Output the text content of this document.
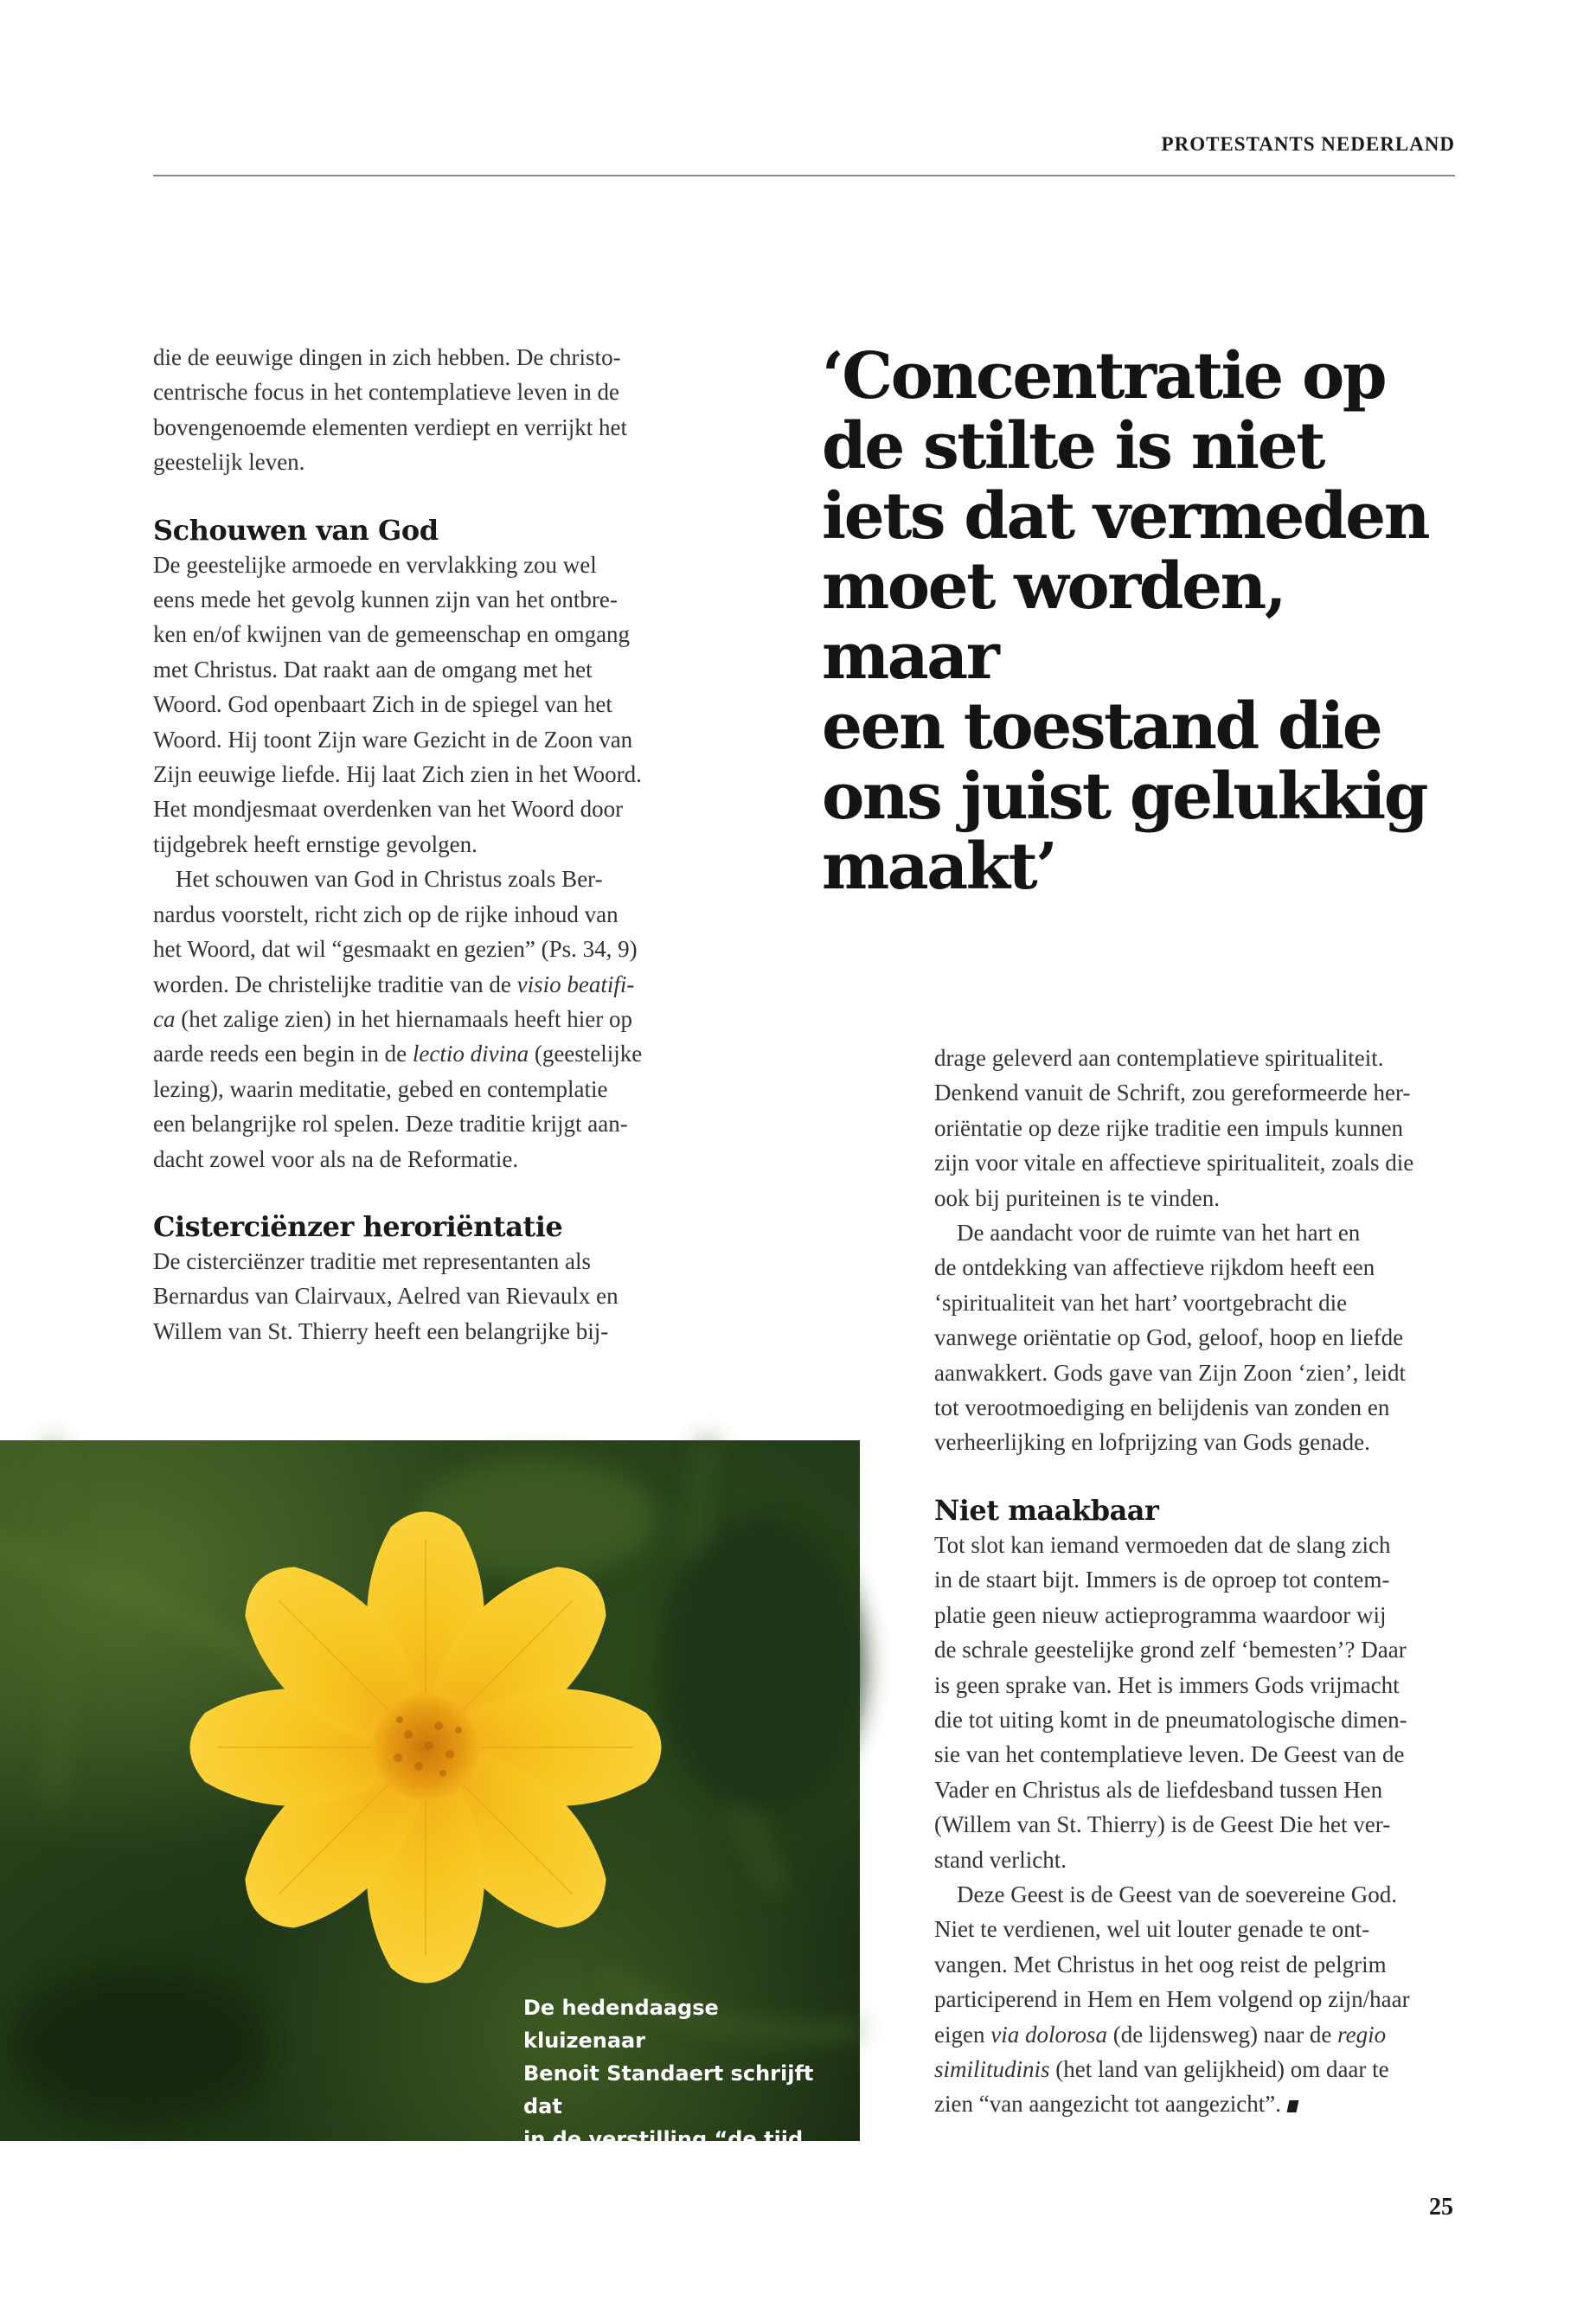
PROTESTANTS NEDERLAND

die de eeuwige dingen in zich hebben. De christo-
centrische focus in het contemplatieve leven in de
bovengenoemde elementen verdiept en verrijkt het
geestelijk leven.

Schouwen van God

De geestelijke armoede en vervlakking zou wel
eens mede het gevolg kunnen zijn van het ontbre-
ken en/of kwijnen van de gemeenschap en omgang
met Christus. Dat raakt aan de omgang met het
Woord. God openbaart Zich in de spiegel van het
Woord. Hij toont Zijn ware Gezicht in de Zoon van
Zijn eeuwige liefde. Hij laat Zich zien in het Woord.
Het mondjesmaat overdenken van het Woord door
tijdgebrek heeft ernstige gevolgen.

Het schouwen van God in Christus zoals Ber-
nardus voorstelt, richt zich op de rijke inhoud van
het Woord, dat wil “gesmaakt en gezien” (Ps. 34, 9)
worden. De christelijke traditie van de visio beatifi-
ca (het zalige zien) in het hiernamaals heeft hier op
aarde reeds een begin in de lectio divina (geestelijke
lezing), waarin meditatie, gebed en contemplatie
een belangrijke rol spelen. Deze traditie krijgt aan-
dacht zowel voor als na de Reformatie.

Cisterciënzer heroriëntatie

De cisterciënzer traditie met representanten als
Bernardus van Clairvaux, Aelred van Rievaulx en
Willem van St. Thierry heeft een belangrijke bij-

‘Concentratie op
de stilte is niet
iets dat vermeden
moet worden, maar
een toestand die
ons juist gelukkig
maakt’

drage geleverd aan contemplatieve spiritualiteit.
Denkend vanuit de Schrift, zou gereformeerde her-
oriëntatie op deze rijke traditie een impuls kunnen
zijn voor vitale en affectieve spiritualiteit, zoals die
ook bij puriteinen is te vinden.

De aandacht voor de ruimte van het hart en
de ontdekking van affectieve rijkdom heeft een
‘spiritualiteit van het hart’ voortgebracht die
vanwege oriëntatie op God, geloof, hoop en liefde
aanwakkert. Gods gave van Zijn Zoon ‘zien’, leidt
tot verootmoediging en belijdenis van zonden en
verheerlijking en lofprijzing van Gods genade.

Niet maakbaar

Tot slot kan iemand vermoeden dat de slang zich
in de staart bijt. Immers is de oproep tot contem-
platie geen nieuw actieprogramma waardoor wij
de schrale geestelijke grond zelf ‘bemesten’? Daar
is geen sprake van. Het is immers Gods vrijmacht
die tot uiting komt in de pneumatologische dimen-
sie van het contemplatieve leven. De Geest van de
Vader en Christus als de liefdesband tussen Hen
(Willem van St. Thierry) is de Geest Die het ver-
stand verlicht.

Deze Geest is de Geest van de soevereine God.
Niet te verdienen, wel uit louter genade te ont-
vangen. Met Christus in het oog reist de pelgrim
participerend in Hem en Hem volgend op zijn/haar
eigen via dolorosa (de lijdensweg) naar de regio
similitudinis (het land van gelijkheid) om daar te
zien “van aangezicht tot aangezicht”.

De hedendaagse kluizenaar
Benoit Standaert schrijft dat
in de verstilling “de tijd open-
valt als een bloem.”	25
